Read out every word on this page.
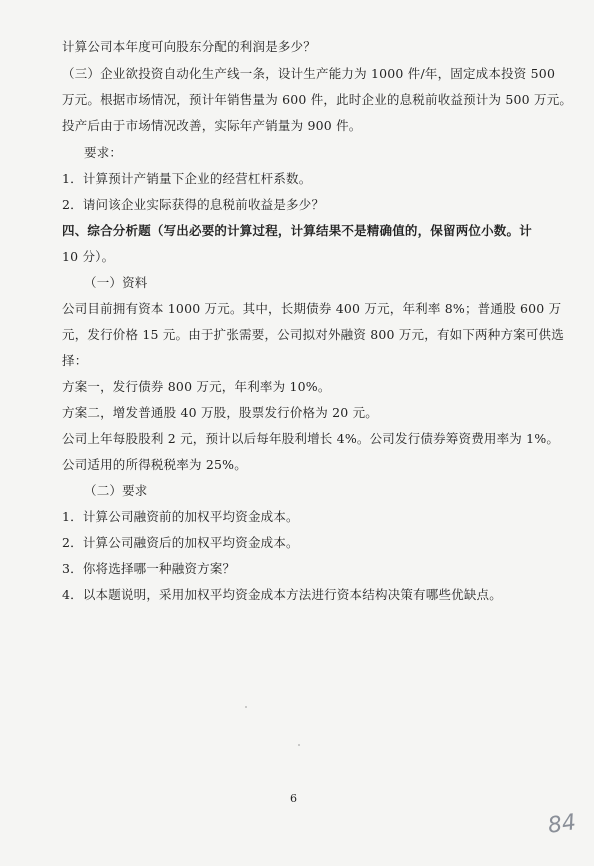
计算公司本年度可向股东分配的利润是多少？
（三）企业欲投资自动化生产线一条，设计生产能力为 1000 件/年，固定成本投资 500
万元。根据市场情况，预计年销售量为 600 件，此时企业的息税前收益预计为 500 万元。
投产后由于市场情况改善，实际年产销量为 900 件。
要求：
1．计算预计产销量下企业的经营杠杆系数。
2．请问该企业实际获得的息税前收益是多少？
四、综合分析题（写出必要的计算过程，计算结果不是精确值的，保留两位小数。计
10 分）。
（一）资料
公司目前拥有资本 1000 万元。其中，长期债券 400 万元，年利率 8%；普通股 600 万
元，发行价格 15 元。由于扩张需要，公司拟对外融资 800 万元，有如下两种方案可供选
择：
方案一，发行债券 800 万元，年利率为 10%。
方案二，增发普通股 40 万股，股票发行价格为 20 元。
公司上年每股股利 2 元，预计以后每年股利增长 4%。公司发行债券筹资费用率为 1%。
公司适用的所得税税率为 25%。
（二）要求
1．计算公司融资前的加权平均资金成本。
2．计算公司融资后的加权平均资金成本。
3．你将选择哪一种融资方案？
4．以本题说明，采用加权平均资金成本方法进行资本结构决策有哪些优缺点。
6
84
